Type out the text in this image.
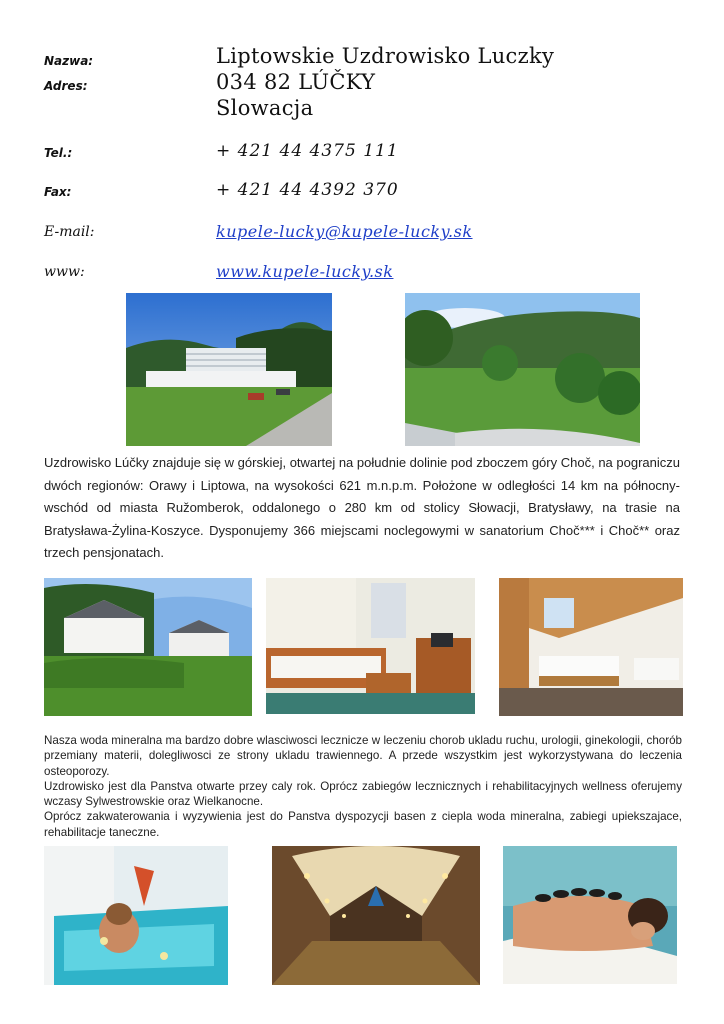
Nazwa:	Liptowskie Uzdrowisko Luczky
Adres:	034 82 LÚČKY
Slowacja
Tel.:	+ 421 44 4375 111
Fax:	+ 421 44 4392 370
E-mail:	kupele-lucky@kupele-lucky.sk
www:	www.kupele-lucky.sk
Uzdrowisko Lúčky znajduje się w górskiej, otwartej na południe dolinie pod zboczem góry Choč, na pograniczu dwóch regionów: Orawy i Liptowa, na wysokości 621 m.n.p.m. Położone w odległości 14 km na północny-wschód od miasta Ružomberok, oddalonego o 280 km od stolicy Słowacji, Bratysławy, na trasie na Bratysława-Żylina-Koszyce. Dysponujemy 366 miejscami noclegowymi w sanatorium Choč*** i Choč** oraz trzech pensjonatach.

Nasza woda mineralna ma bardzo dobre wlasciwosci lecznicze w leczeniu chorob ukladu ruchu, urologii, ginekologii, chorób przemiany materii, dolegliwosci ze strony ukladu trawiennego. A przede wszystkim jest wykorzystywana do leczenia osteoporozy.

Uzdrowisko jest dla Panstva otwarte przey caly rok. Oprócz zabiegów lecznicznych i rehabilitacyjnych wellness oferujemy wczasy Sylwestrowskie oraz Wielkanocne.

Oprócz zakwaterowania i wyzywienia jest do Panstva dyspozycji basen z ciepla woda mineralna, zabiegi upiekszajace, rehabilitacje taneczne.
